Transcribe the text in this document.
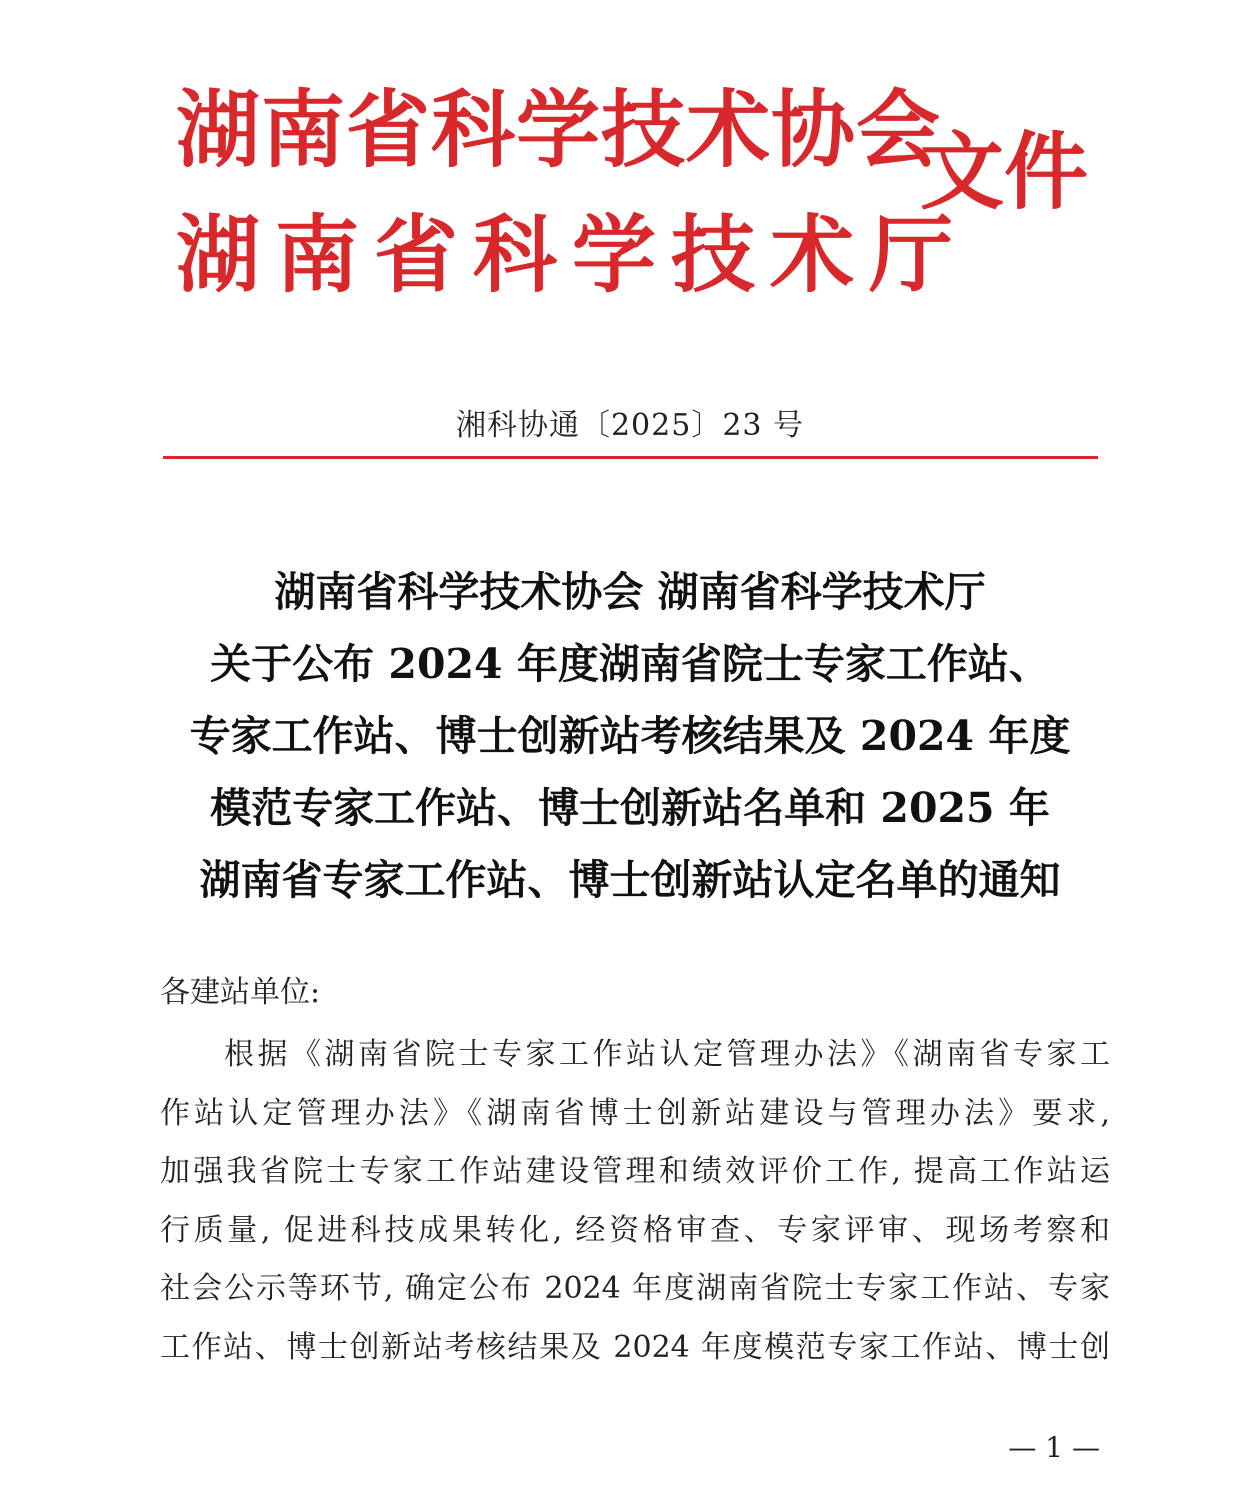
湖南省科学技术协会
湖南省科学技术厅
文件
湘科协通〔2025〕23 号
湖南省科学技术协会 湖南省科学技术厅
关于公布 2024 年度湖南省院士专家工作站、
专家工作站、博士创新站考核结果及 2024 年度
模范专家工作站、博士创新站名单和 2025 年
湖南省专家工作站、博士创新站认定名单的通知
各建站单位:
根据《湖南省院士专家工作站认定管理办法》《湖南省专家工
作站认定管理办法》《湖南省博士创新站建设与管理办法》要求,
加强我省院士专家工作站建设管理和绩效评价工作, 提高工作站运
行质量, 促进科技成果转化, 经资格审查、专家评审、现场考察和
社会公示等环节, 确定公布 2024 年度湖南省院士专家工作站、专家
工作站、博士创新站考核结果及 2024 年度模范专家工作站、博士创
— 1 —
